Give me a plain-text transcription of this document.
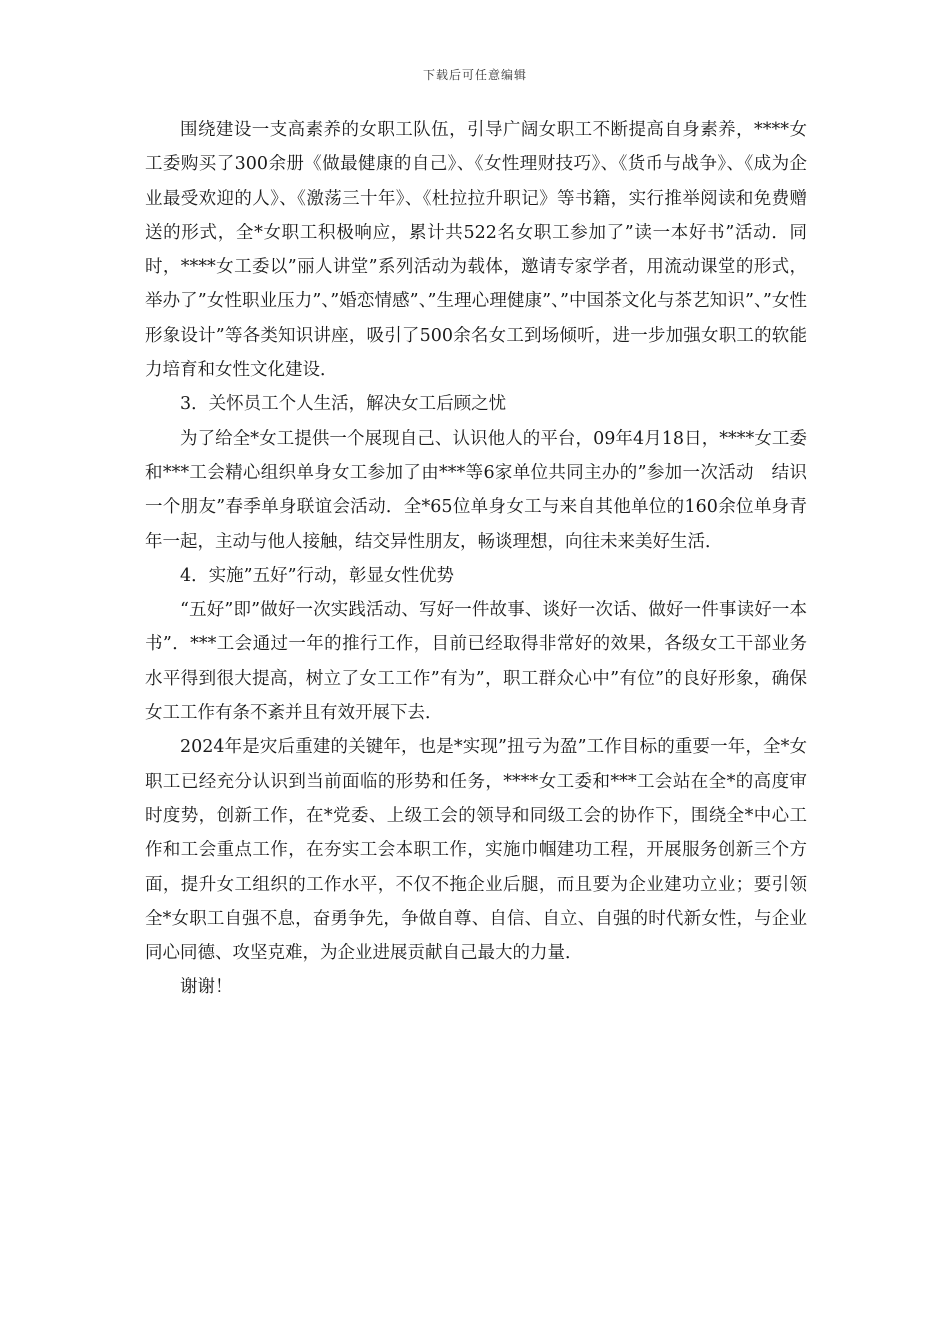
下载后可任意编辑

围绕建设一支高素养的女职工队伍，引导广阔女职工不断提高自身素养，****女工委购买了300余册《做最健康的自己》、《女性理财技巧》、《货币与战争》、《成为企业最受欢迎的人》、《激荡三十年》、《杜拉拉升职记》等书籍，实行推举阅读和免费赠送的形式，全*女职工积极响应，累计共522名女职工参加了”读一本好书”活动．同时，****女工委以”丽人讲堂”系列活动为载体，邀请专家学者，用流动课堂的形式，举办了”女性职业压力”、”婚恋情感”、”生理心理健康”、”中国茶文化与茶艺知识”、”女性形象设计”等各类知识讲座，吸引了500余名女工到场倾听，进一步加强女职工的软能力培育和女性文化建设．

3．关怀员工个人生活，解决女工后顾之忧

为了给全*女工提供一个展现自己、认识他人的平台，09年4月18日，****女工委和***工会精心组织单身女工参加了由***等6家单位共同主办的”参加一次活动　结识一个朋友”春季单身联谊会活动．全*65位单身女工与来自其他单位的160余位单身青年一起，主动与他人接触，结交异性朋友，畅谈理想，向往未来美好生活．

4．实施”五好”行动，彰显女性优势

“五好”即”做好一次实践活动、写好一件故事、谈好一次话、做好一件事读好一本书”．***工会通过一年的推行工作，目前已经取得非常好的效果，各级女工干部业务水平得到很大提高，树立了女工工作”有为”，职工群众心中”有位”的良好形象，确保女工工作有条不紊并且有效开展下去．

2024年是灾后重建的关键年，也是*实现”扭亏为盈”工作目标的重要一年，全*女职工已经充分认识到当前面临的形势和任务，****女工委和***工会站在全*的高度审时度势，创新工作，在*党委、上级工会的领导和同级工会的协作下，围绕全*中心工作和工会重点工作，在夯实工会本职工作，实施巾帼建功工程，开展服务创新三个方面，提升女工组织的工作水平，不仅不拖企业后腿，而且要为企业建功立业；要引领全*女职工自强不息，奋勇争先，争做自尊、自信、自立、自强的时代新女性，与企业同心同德、攻坚克难，为企业进展贡献自己最大的力量．

谢谢！
